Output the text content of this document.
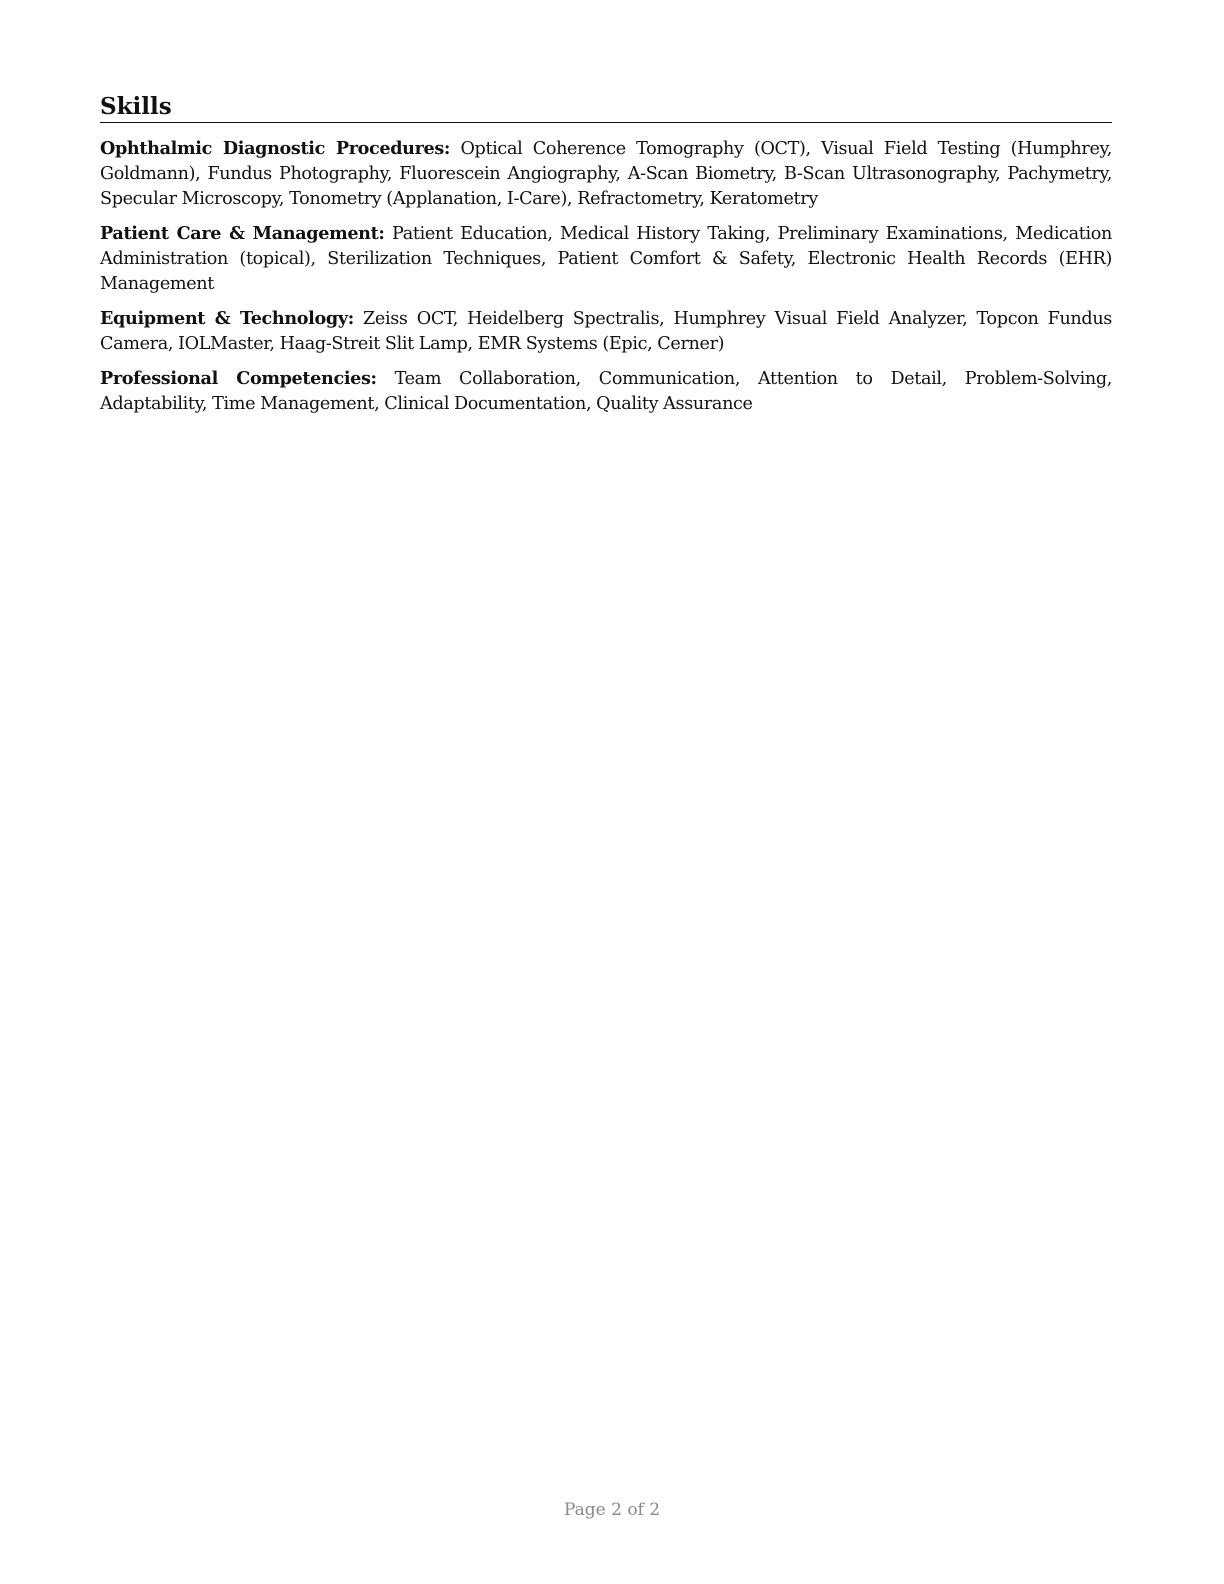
Skills

Ophthalmic Diagnostic Procedures: Optical Coherence Tomography (OCT), Visual Field Testing (Humphrey, Goldmann), Fundus Photography, Fluorescein Angiography, A-Scan Biometry, B-Scan Ultrasonography, Pachymetry, Specular Microscopy, Tonometry (Applanation, I-Care), Refractometry, Keratometry

Patient Care & Management: Patient Education, Medical History Taking, Preliminary Examinations, Medication Administration (topical), Sterilization Techniques, Patient Comfort & Safety, Electronic Health Records (EHR) Management

Equipment & Technology: Zeiss OCT, Heidelberg Spectralis, Humphrey Visual Field Analyzer, Topcon Fundus Camera, IOLMaster, Haag-Streit Slit Lamp, EMR Systems (Epic, Cerner)

Professional Competencies: Team Collaboration, Communication, Attention to Detail, Problem-Solving, Adaptability, Time Management, Clinical Documentation, Quality Assurance

Page 2 of 2
